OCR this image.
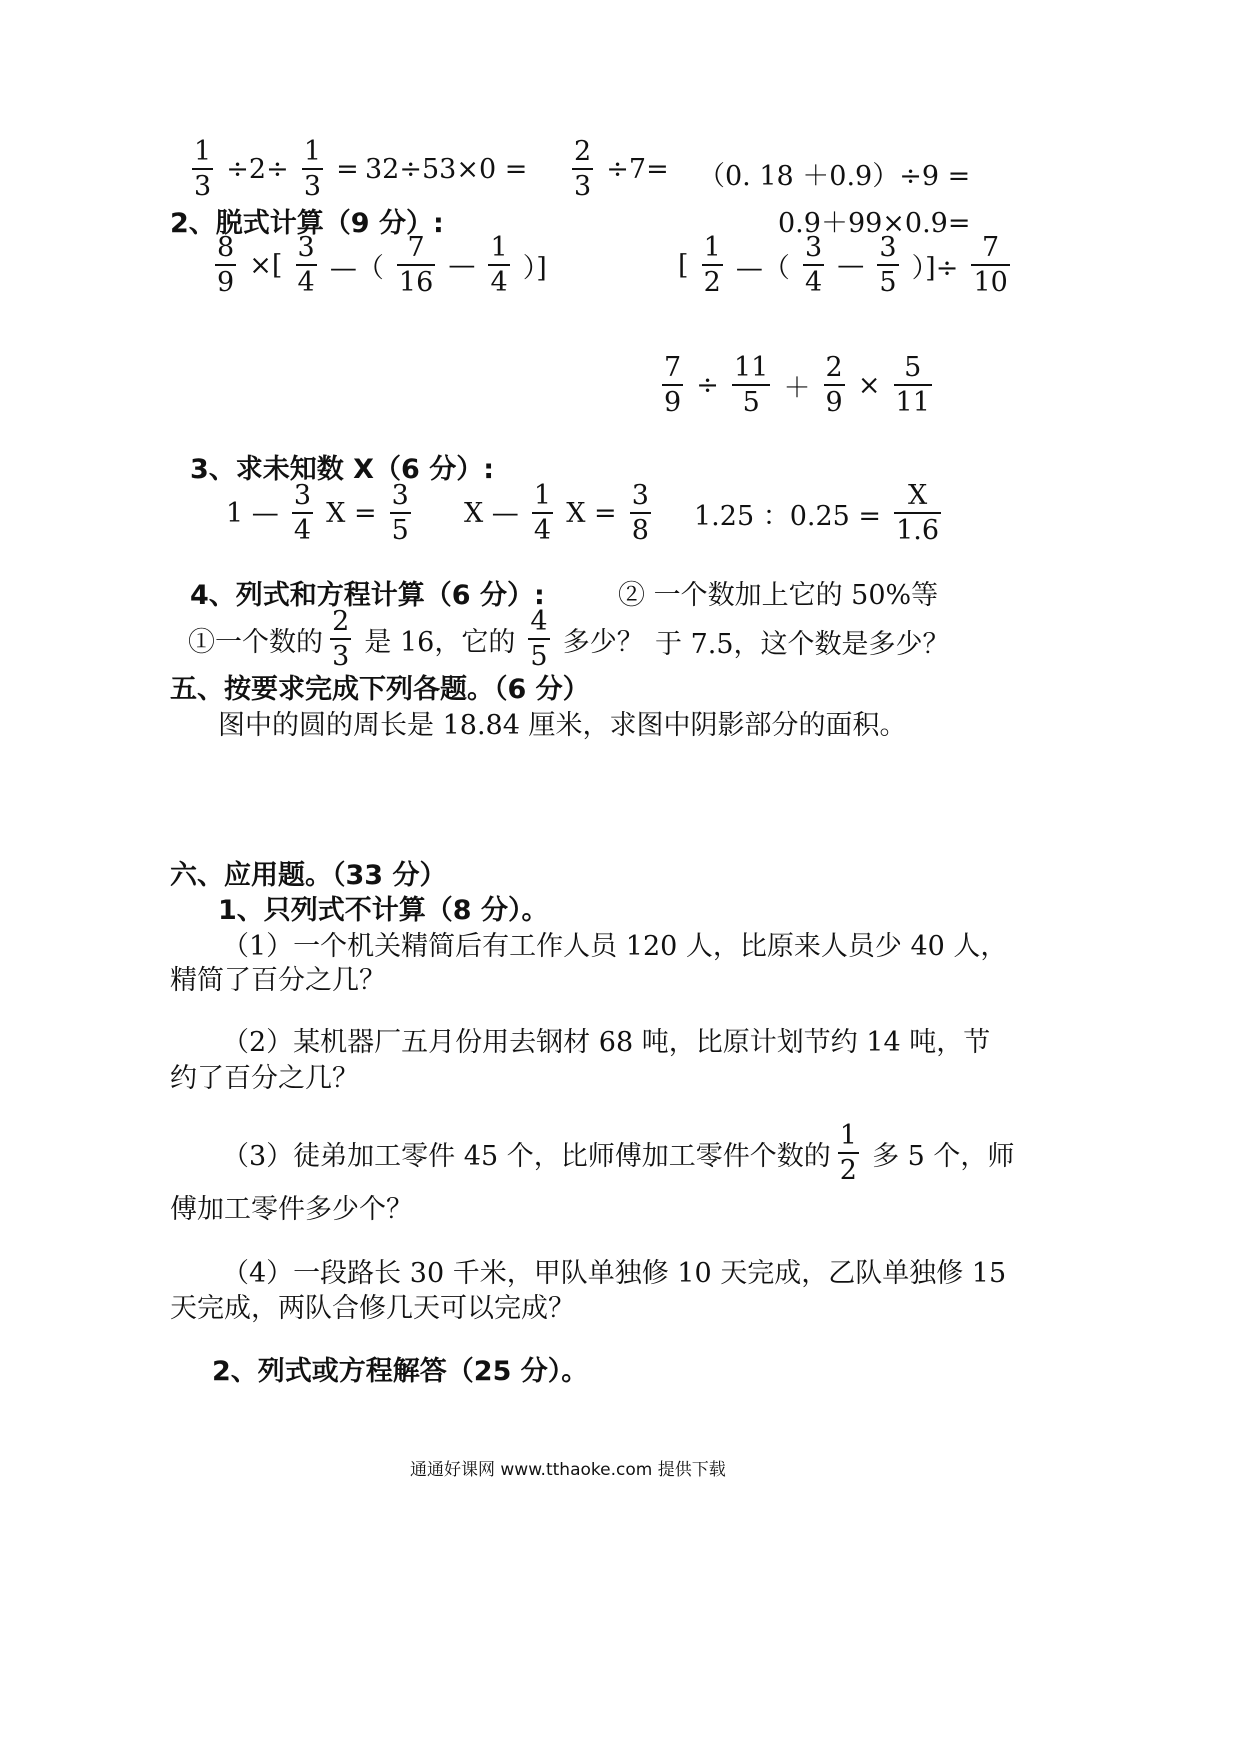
$\frac{1}{3} \div 2\div \frac{1}{3} = 32\div 53\times 0 = \frac{2}{3} \div 7= (0$. 18 ＋0.9）÷9 =
2、脱式计算（9 分）:	0.9＋99×0.9=
$\frac{8}{9}$ ×[ $\frac{3}{4}$ —（ $\frac{7}{16}$ — $\frac{1}{4}$ ）]	[ $\frac{1}{2}$ —（ $\frac{3}{4}$ — $\frac{3}{5}$ ）]÷ $\frac{7}{10}$
$\frac{7}{9} \div \frac{11}{5} + \frac{2}{9} \times \frac{5}{11}$
3、求未知数 X（6 分）:
1 — $\frac{3}{4}$ $X = \frac{3}{5}$ X — $\frac{1}{4}$ $X = \frac{3}{8} 1.25$ ：$0.25 = \frac{X}{1.6}$
4、列式和方程计算（6 分）:	② 一个数加上它的 50%等
①一个数的 $\frac{2}{3}$ 是 16，它的 $\frac{4}{5}$ 多少？ 于 7.5，这个数是多少？
五、按要求完成下列各题。（6 分）
图中的圆的周长是 18.84 厘米，求图中阴影部分的面积。
六、应用题。（33 分）
1、只列式不计算（8 分）。
（1）一个机关精简后有工作人员 120 人，比原来人员少 40 人，
精简了百分之几？
（2）某机器厂五月份用去钢材 68 吨，比原计划节约 14 吨，节
约了百分之几？
（3）徒弟加工零件 45 个，比师傅加工零件个数的 $\frac{1}{2}$ 多 5 个，师
傅加工零件多少个？
（4）一段路长 30 千米，甲队单独修 10 天完成，乙队单独修 15
天完成，两队合修几天可以完成？
2、列式或方程解答（25 分）。
通通好课网 www.tthaoke.com 提供下载
